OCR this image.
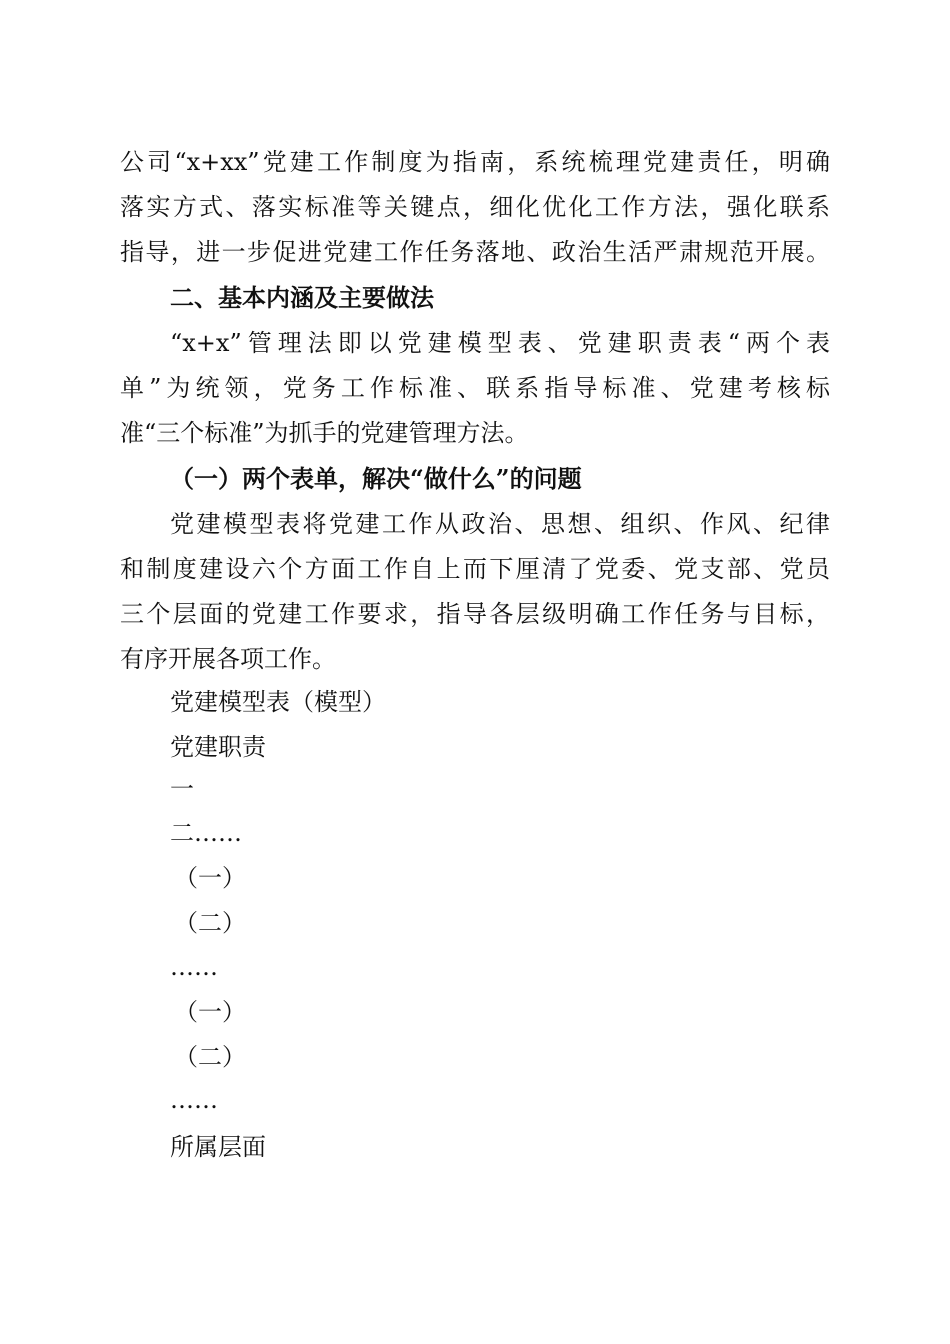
公司“x+xx”党建工作制度为指南，系统梳理党建责任，明确
落实方式、落实标准等关键点，细化优化工作方法，强化联系
指导，进一步促进党建工作任务落地、政治生活严肃规范开展。
二、基本内涵及主要做法
“x+x”管理法即以党建模型表、党建职责表“两个表
单”为统领，党务工作标准、联系指导标准、党建考核标
准“三个标准”为抓手的党建管理方法。
（一）两个表单，解决“做什么”的问题
党建模型表将党建工作从政治、思想、组织、作风、纪律
和制度建设六个方面工作自上而下厘清了党委、党支部、党员
三个层面的党建工作要求，指导各层级明确工作任务与目标，
有序开展各项工作。
党建模型表（模型）
党建职责
一
二……
（一）
（二）
……
（一）
（二）
……
所属层面
